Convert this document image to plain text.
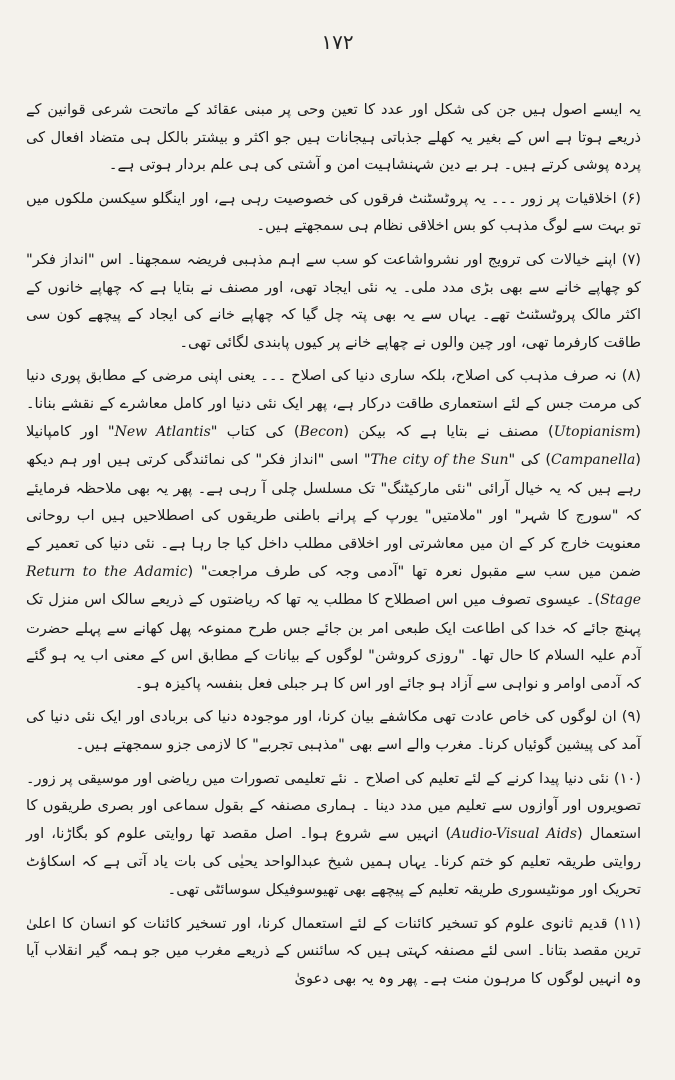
۱۷۲

یہ ایسے اصول ہیں جن کی شکل اور عدد کا تعین وحی پر مبنی عقائد کے ماتحت شرعی قوانین کے ذریعے ہوتا ہے اس کے بغیر یہ کھلے جذباتی ہیجانات ہیں جو اکثر و بیشتر بالکل ہی متضاد افعال کی پردہ پوشی کرتے ہیں۔ ہر بے دین شہنشاہیت امن و آشتی کی ہی علم بردار ہوتی ہے۔

(۶) اخلاقیات پر زور ۔۔۔ یہ پروٹسٹنٹ فرقوں کی خصوصیت رہی ہے، اور اینگلو سیکسن ملکوں میں تو بہت سے لوگ مذہب کو بس اخلاقی نظام ہی سمجھتے ہیں۔

(۷) اپنے خیالات کی ترویج اور نشرواشاعت کو سب سے اہم مذہبی فریضہ سمجھنا۔ اس "انداز فکر" کو چھاپے خانے سے بھی بڑی مدد ملی۔ یہ نئی ایجاد تھی، اور مصنف نے بتایا ہے کہ چھاپے خانوں کے اکثر مالک پروٹسٹنٹ تھے۔ یہاں سے یہ بھی پتہ چل گیا کہ چھاپے خانے کی ایجاد کے پیچھے کون سی طاقت کارفرما تھی، اور چین والوں نے چھاپے خانے پر کیوں پابندی لگائی تھی۔

(۸) نہ صرف مذہب کی اصلاح، بلکہ ساری دنیا کی اصلاح ۔۔۔ یعنی اپنی مرضی کے مطابق پوری دنیا کی مرمت جس کے لئے استعماری طاقت درکار ہے، پھر ایک نئی دنیا اور کامل معاشرے کے نقشے بنانا۔ (Utopianism) مصنف نے بتایا ہے کہ بیکن (Becon) کی کتاب "New Atlantis" اور کامپانیلا (Campanella) کی "The city of the Sun" اسی "انداز فکر" کی نمائندگی کرتی ہیں اور ہم دیکھ رہے ہیں کہ یہ خیال آرائی "نئی مارکیٹنگ" تک مسلسل چلی آ رہی ہے۔ پھر یہ بھی ملاحظہ فرمایئے کہ "سورج کا شہر" اور "ملامتیں" یورپ کے پرانے باطنی طریقوں کی اصطلاحیں ہیں اب روحانی معنویت خارج کر کے ان میں معاشرتی اور اخلاقی مطلب داخل کیا جا رہا ہے۔ نئی دنیا کی تعمیر کے ضمن میں سب سے مقبول نعرہ تھا "آدمی وجہ کی طرف مراجعت" (Return to the Adamic Stage)۔ عیسوی تصوف میں اس اصطلاح کا مطلب یہ تھا کہ ریاضتوں کے ذریعے سالک اس منزل تک پہنچ جائے کہ خدا کی اطاعت ایک طبعی امر بن جائے جس طرح ممنوعہ پھل کھانے سے پہلے حضرت آدم علیہ السلام کا حال تھا۔ "روزی کروشن" لوگوں کے بیانات کے مطابق اس کے معنی اب یہ ہو گئے کہ آدمی اوامر و نواہی سے آزاد ہو جائے اور اس کا ہر جبلی فعل بنفسہ پاکیزہ ہو۔

(۹) ان لوگوں کی خاص عادت تھی مکاشفے بیان کرنا، اور موجودہ دنیا کی بربادی اور ایک نئی دنیا کی آمد کی پیشین گوئیاں کرنا۔ مغرب والے اسے بھی "مذہبی تجربے" کا لازمی جزو سمجھتے ہیں۔

(۱۰) نئی دنیا پیدا کرنے کے لئے تعلیم کی اصلاح ۔ نئے تعلیمی تصورات میں ریاضی اور موسیقی پر زور۔ تصویروں اور آوازوں سے تعلیم میں مدد دینا ۔ ہماری مصنفہ کے بقول سماعی اور بصری طریقوں کا استعمال (Audio-Visual Aids) انہیں سے شروع ہوا۔ اصل مقصد تھا روایتی علوم کو بگاڑنا، اور روایتی طریقہ تعلیم کو ختم کرنا۔ یہاں ہمیں شیخ عبدالواحد یحیٰی کی بات یاد آتی ہے کہ اسکاؤٹ تحریک اور مونٹیسوری طریقہ تعلیم کے پیچھے بھی تھیوسوفیکل سوسائٹی تھی۔

(۱۱) قدیم ثانوی علوم کو تسخیر کائنات کے لئے استعمال کرنا، اور تسخیر کائنات کو انسان کا اعلیٰ ترین مقصد بتانا۔ اسی لئے مصنفہ کہتی ہیں کہ سائنس کے ذریعے مغرب میں جو ہمہ گیر انقلاب آیا وہ انہیں لوگوں کا مرہون منت ہے۔ پھر وہ یہ بھی دعویٰ
